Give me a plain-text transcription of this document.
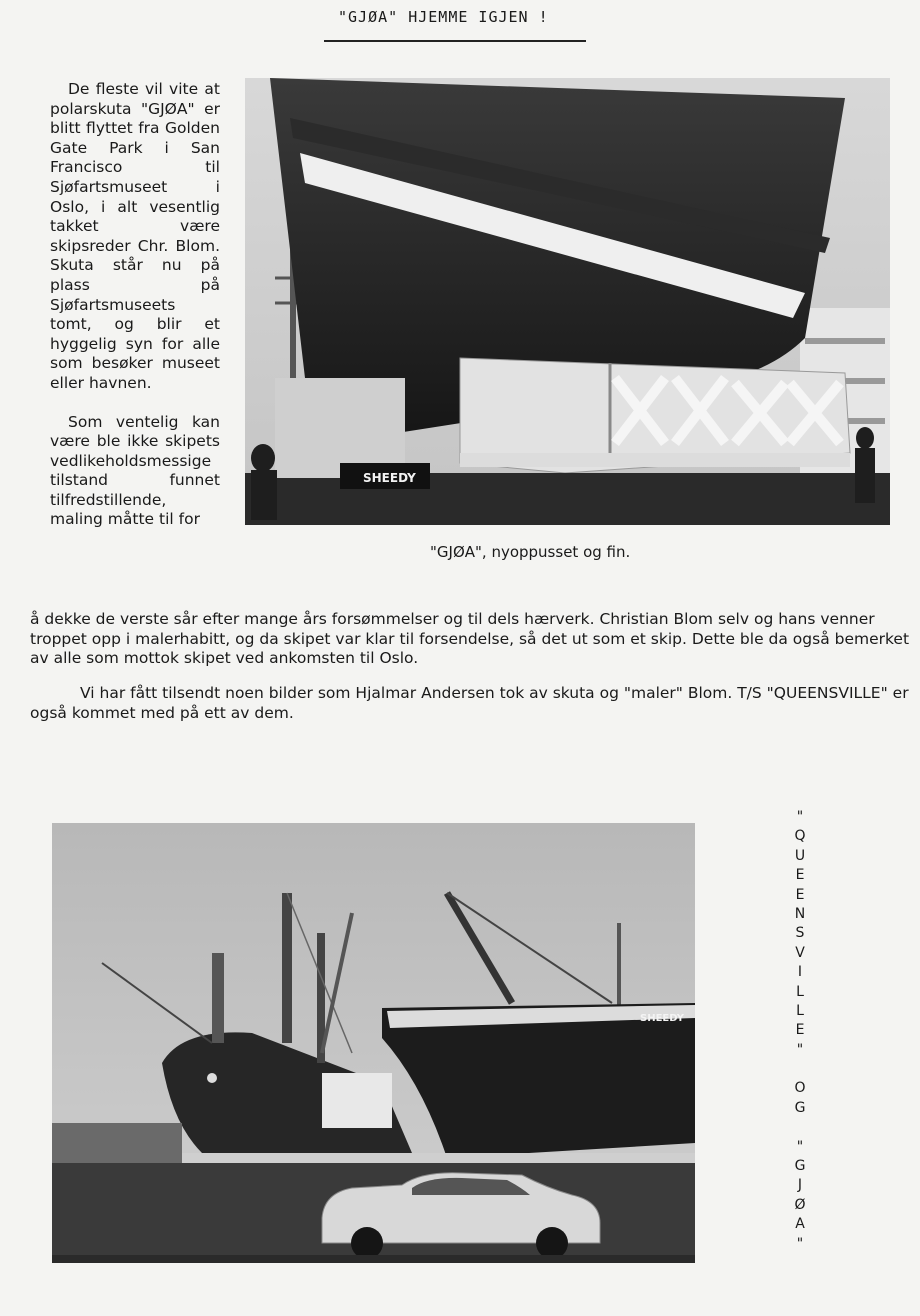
"GJØA" HJEMME IGJEN !

De fleste vil vite at polarskuta "GJØA" er blitt flyttet fra Golden Gate Park i San Francisco til Sjøfartsmuseet i Oslo, i alt vesentlig takket være skipsreder Chr. Blom. Skuta står nu på plass på Sjøfartsmuseets tomt, og blir et hyggelig syn for alle som besøker museet eller havnen.

Som ventelig kan være ble ikke skipets vedlikeholdsmessige tilstand funnet tilfredstillende, maling måtte til for

SHEEDY
"GJØA", nyoppusset og fin.
å dekke de verste sår efter mange års forsømmelser og til dels hærverk. Christian Blom selv og hans venner troppet opp i malerhabitt, og da skipet var klar til forsendelse, så det ut som et skip. Dette ble da også bemerket av alle som mottok skipet ved ankomsten til Oslo.
Vi har fått tilsendt noen bilder som Hjalmar Andersen tok av skuta og "maler" Blom. T/S "QUEENSVILLE" er også kommet med på ett av dem.
SHEEDY
"
Q
U
E
E
N
S
V
I
L
L
E
"
O
G
"
G
J
Ø
A
"
